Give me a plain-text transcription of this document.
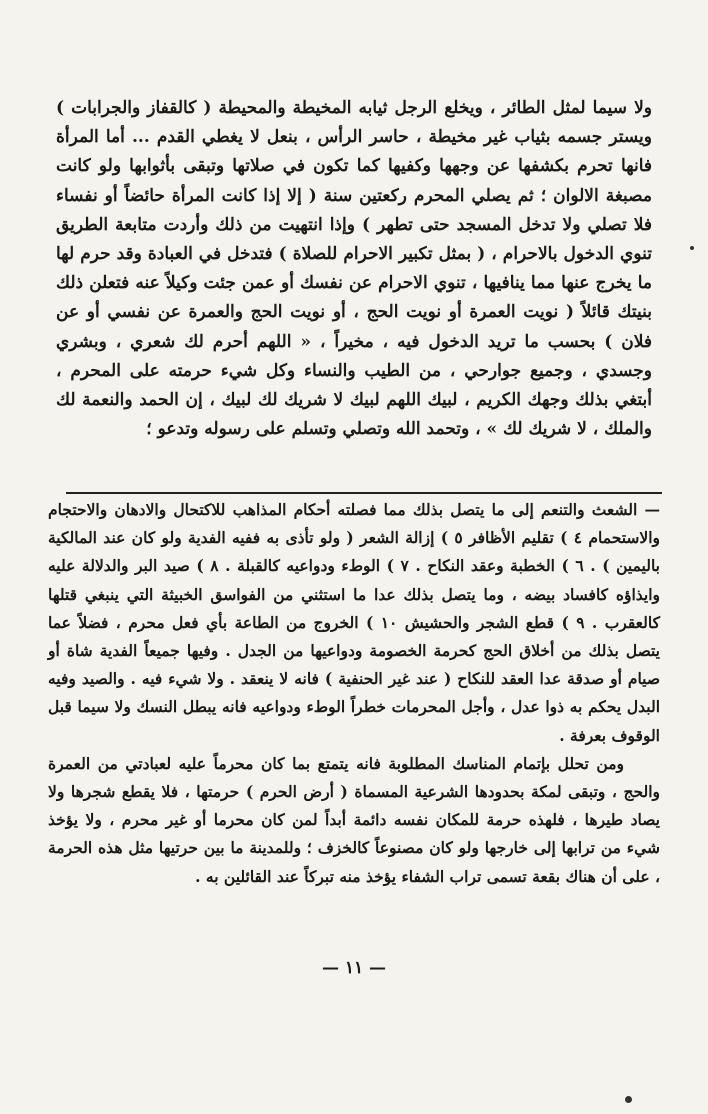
ولا سيما لمثل الطائر ، ويخلع الرجل ثيابه المخيطة والمحيطة ( كالقفاز والجرابات ) ويستر جسمه بثياب غير مخيطة ، حاسر الرأس ، بنعل لا يغطي القدم ... أما المرأة فانها تحرم بكشفها عن وجهها وكفيها كما تكون في صلاتها وتبقى بأثوابها ولو كانت مصبغة الالوان ؛ ثم يصلي المحرم ركعتين سنة ( إلا إذا كانت المرأة حائضاً أو نفساء فلا تصلي ولا تدخل المسجد حتى تطهر ) وإذا انتهيت من ذلك وأردت متابعة الطريق تنوي الدخول بالاحرام ، ( بمثل تكبير الاحرام للصلاة ) فتدخل في العبادة وقد حرم لها ما يخرج عنها مما ينافيها ، تنوي الاحرام عن نفسك أو عمن جئت وكيلاً عنه فتعلن ذلك بنيتك قائلاً ( نويت العمرة أو نويت الحج ، أو نويت الحج والعمرة عن نفسي أو عن فلان ) بحسب ما تريد الدخول فيه ، مخيراً ، « اللهم أحرم لك شعري ، وبشري وجسدي ، وجميع جوارحي ، من الطيب والنساء وكل شيء حرمته على المحرم ، أبتغي بذلك وجهك الكريم ، لبيك اللهم لبيك لا شريك لك لبيك ، إن الحمد والنعمة لك والملك ، لا شريك لك » ، وتحمد الله وتصلي وتسلم على رسوله وتدعو ؛

— الشعث والتنعم إلى ما يتصل بذلك مما فصلته أحكام المذاهب للاكتحال والادهان والاحتجام والاستحمام ٤ ) تقليم الأظافر ٥ ) إزالة الشعر ( ولو تأذى به ففيه الفدية ولو كان عند المالكية باليمين ) . ٦ ) الخطبة وعقد النكاح . ٧ ) الوطء ودواعيه كالقبلة . ٨ ) صيد البر والدلالة عليه وايذاؤه كافساد بيضه ، وما يتصل بذلك عدا ما استثني من الفواسق الخبيثة التي ينبغي قتلها كالعقرب . ٩ ) قطع الشجر والحشيش ١٠ ) الخروج من الطاعة بأي فعل محرم ، فضلاً عما يتصل بذلك من أخلاق الحج كحرمة الخصومة ودواعيها من الجدل . وفيها جميعاً الفدية شاة أو صيام أو صدقة عدا العقد للنكاح ( عند غير الحنفية ) فانه لا ينعقد . ولا شيء فيه . والصيد وفيه البدل يحكم به ذوا عدل ، وأجل المحرمات خطراً الوطء ودواعيه فانه يبطل النسك ولا سيما قبل الوقوف بعرفة .

ومن تحلل بإتمام المناسك المطلوبة فانه يتمتع بما كان محرماً عليه لعبادتي من العمرة والحج ، وتبقى لمكة بحدودها الشرعية المسماة ( أرض الحرم ) حرمتها ، فلا يقطع شجرها ولا يصاد طيرها ، فلهذه حرمة للمكان نفسه دائمة أبداً لمن كان محرما أو غير محرم ، ولا يؤخذ شيء من ترابها إلى خارجها ولو كان مصنوعاً كالخزف ؛ وللمدينة ما بين حرتيها مثل هذه الحرمة ، على أن هناك بقعة تسمى تراب الشفاء يؤخذ منه تبركاً عند القائلين به .

— ١١ —
